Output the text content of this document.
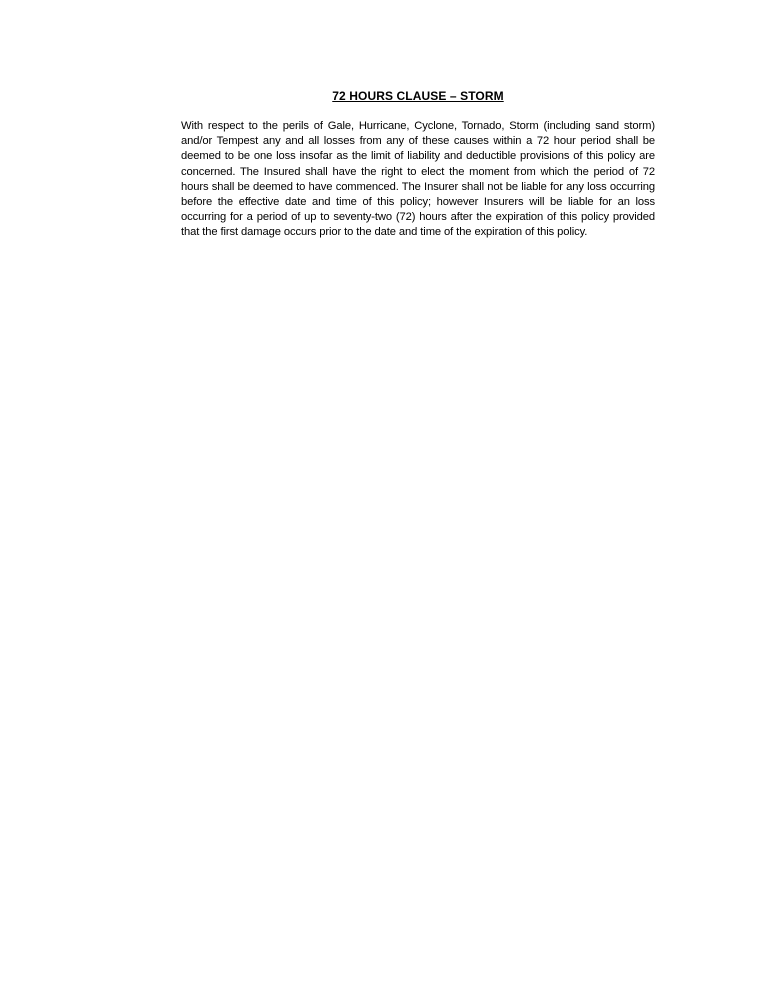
72 HOURS CLAUSE – STORM

With respect to the perils of Gale, Hurricane, Cyclone, Tornado, Storm (including sand storm) and/or Tempest any and all losses from any of these causes within a 72 hour period shall be deemed to be one loss insofar as the limit of liability and deductible provisions of this policy are concerned. The Insured shall have the right to elect the moment from which the period of 72 hours shall be deemed to have commenced. The Insurer shall not be liable for any loss occurring before the effective date and time of this policy; however Insurers will be liable for an loss occurring for a period of up to seventy-two (72) hours after the expiration of this policy provided that the first damage occurs prior to the date and time of the expiration of this policy.
